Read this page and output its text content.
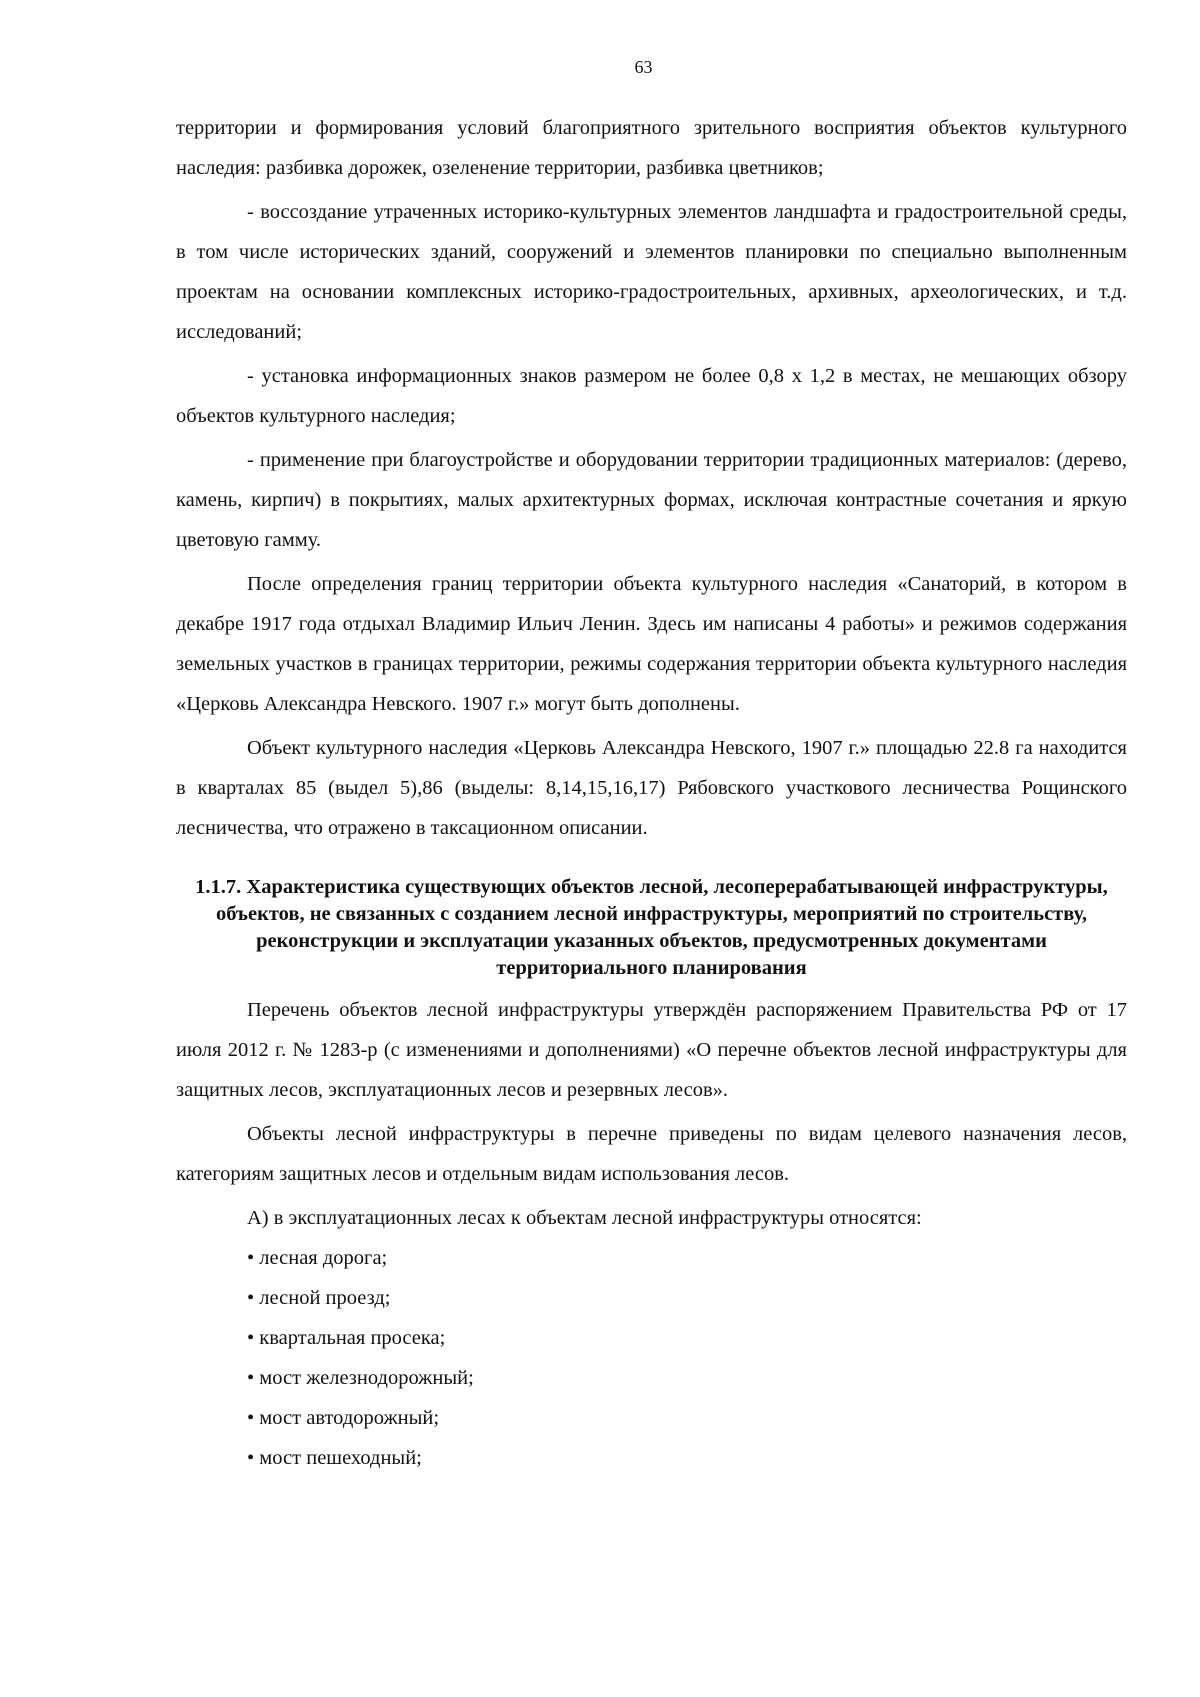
63

территории и формирования условий благоприятного зрительного восприятия объектов культурного наследия: разбивка дорожек, озеленение территории, разбивка цветников;

- воссоздание утраченных историко-культурных элементов ландшафта и градостроительной среды, в том числе исторических зданий, сооружений и элементов планировки по специально выполненным проектам на основании комплексных историко-градостроительных, архивных, археологических, и т.д. исследований;

- установка информационных знаков размером не более 0,8 х 1,2 в местах, не мешающих обзору объектов культурного наследия;

- применение при благоустройстве и оборудовании территории традиционных материалов: (дерево, камень, кирпич) в покрытиях, малых архитектурных формах, исключая контрастные сочетания и яркую цветовую гамму.

После определения границ территории объекта культурного наследия «Санаторий, в котором в декабре 1917 года отдыхал Владимир Ильич Ленин. Здесь им написаны 4 работы» и режимов содержания земельных участков в границах территории, режимы содержания территории объекта культурного наследия «Церковь Александра Невского. 1907 г.» могут быть дополнены.

Объект культурного наследия «Церковь Александра Невского, 1907 г.» площадью 22.8 га находится в кварталах 85 (выдел 5),86 (выделы: 8,14,15,16,17) Рябовского участкового лесничества Рощинского лесничества, что отражено в таксационном описании.

1.1.7. Характеристика существующих объектов лесной, лесоперерабатывающей инфраструктуры, объектов, не связанных с созданием лесной инфраструктуры, мероприятий по строительству, реконструкции и эксплуатации указанных объектов, предусмотренных документами территориального планирования

Перечень объектов лесной инфраструктуры утверждён распоряжением Правительства РФ от 17 июля 2012 г. № 1283-р (с изменениями и дополнениями) «О перечне объектов лесной инфраструктуры для защитных лесов, эксплуатационных лесов и резервных лесов».

Объекты лесной инфраструктуры в перечне приведены по видам целевого назначения лесов, категориям защитных лесов и отдельным видам использования лесов.

А) в эксплуатационных лесах к объектам лесной инфраструктуры относятся:

• лесная дорога;

• лесной проезд;

• квартальная просека;

• мост железнодорожный;

• мост автодорожный;

• мост пешеходный;
